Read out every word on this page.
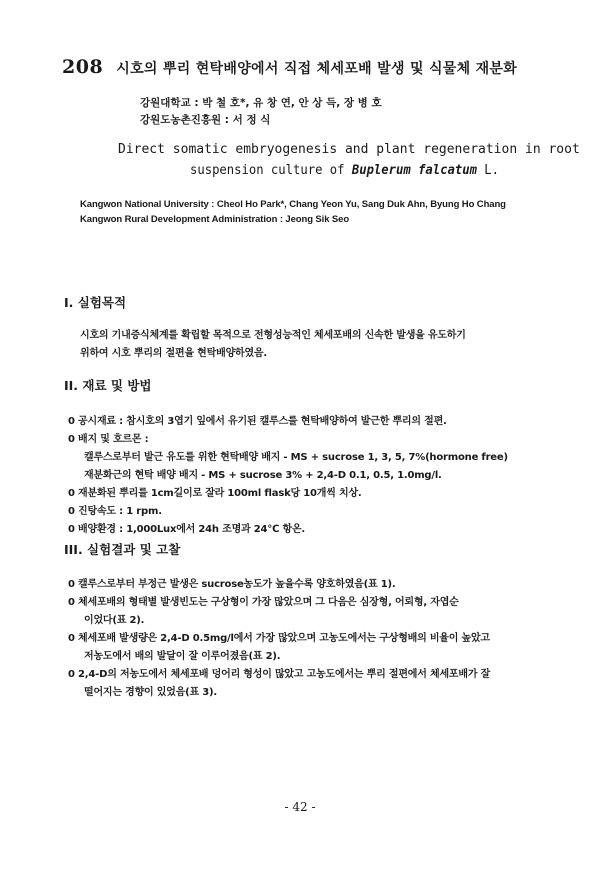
208 시호의 뿌리 현탁배양에서 직접 체세포배 발생 및 식물체 재분화
강원대학교 : 박 철 호*, 유 창 연, 안 상 득, 장 병 호
강원도농촌진흥원 : 서 정 식
Direct somatic embryogenesis and plant regeneration in root
suspension culture of Buplerum falcatum L.
Kangwon National University : Cheol Ho Park*, Chang Yeon Yu, Sang Duk Ahn, Byung Ho Chang
Kangwon Rural Development Administration : Jeong Sik Seo
I. 실험목적
시호의 기내증식체계를 확립할 목적으로 전형성능적인 체세포배의 신속한 발생을 유도하기
위하여 시호 뿌리의 절편을 현탁배양하였음.
II. 재료 및 방법
0 공시재료 : 참시호의 3엽기 잎에서 유기된 캘루스를 현탁배양하여 발근한 뿌리의 절편.
0 배지 및 호르몬 :
캘루스로부터 발근 유도를 위한 현탁배양 배지 - MS + sucrose 1, 3, 5, 7%(hormone free)
재분화근의 현탁 배양 배지 - MS + sucrose 3% + 2,4-D 0.1, 0.5, 1.0mg/l.
0 재분화된 뿌리를 1cm길이로 잘라 100ml flask당 10개씩 치상.
0 진탕속도 : 1 rpm.
0 배양환경 : 1,000Lux에서 24h 조명과 24℃ 항온.
III. 실험결과 및 고찰
0 캘루스로부터 부정근 발생은 sucrose농도가 높을수록 양호하였음(표 1).
0 체세포배의 형태별 발생빈도는 구상형이 가장 많았으며 그 다음은 심장형, 어뢰형, 자엽순
이었다(표 2).
0 체세포배 발생량은 2,4-D 0.5mg/l에서 가장 많았으며 고농도에서는 구상형배의 비율이 높았고
저농도에서 배의 발달이 잘 이루어졌음(표 2).
0 2,4-D의 저농도에서 체세포배 덩어리 형성이 많았고 고농도에서는 뿌리 절편에서 체세포배가 잘
떨어지는 경향이 있었음(표 3).
- 42 -
